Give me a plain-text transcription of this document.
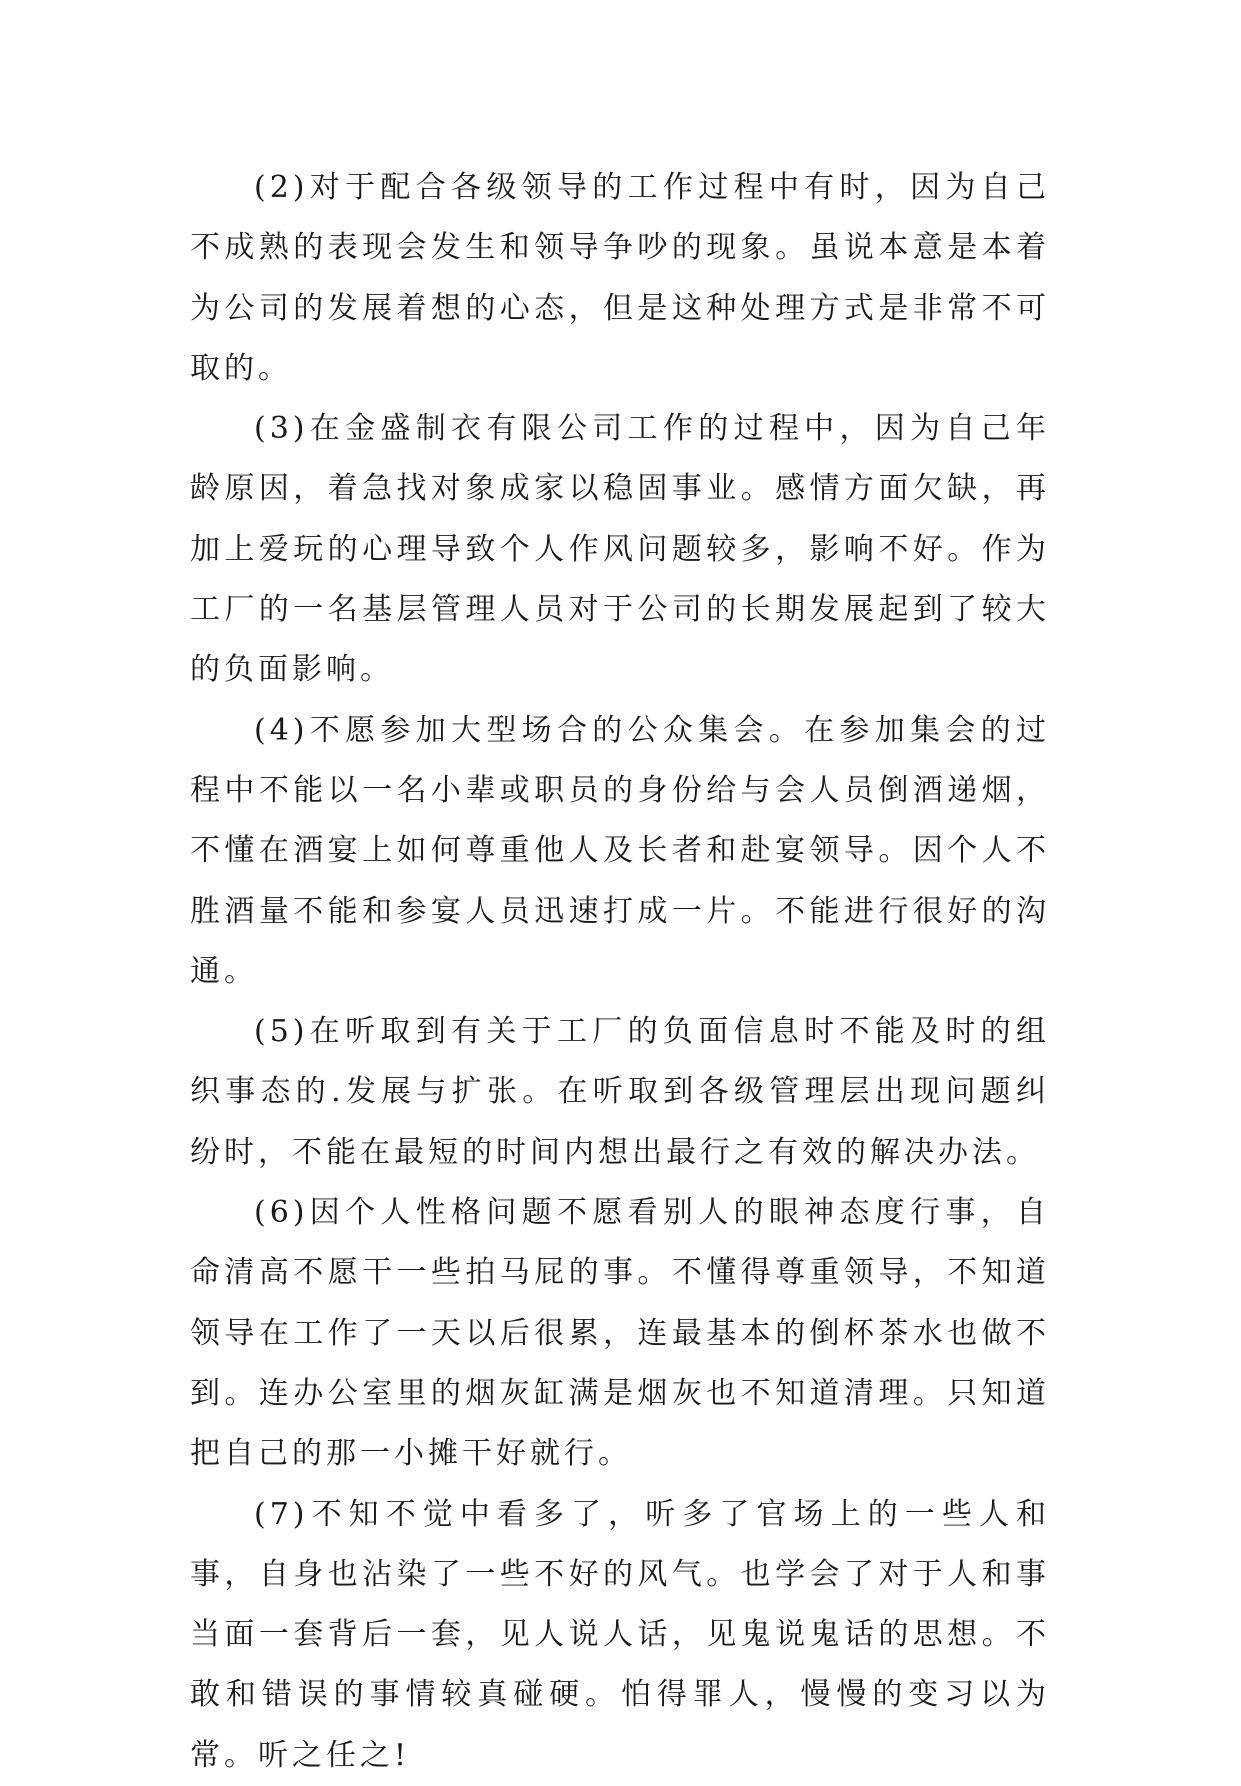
(2)对于配合各级领导的工作过程中有时，因为自己不成熟的表现会发生和领导争吵的现象。虽说本意是本着为公司的发展着想的心态，但是这种处理方式是非常不可取的。

(3)在金盛制衣有限公司工作的过程中，因为自己年龄原因，着急找对象成家以稳固事业。感情方面欠缺，再加上爱玩的心理导致个人作风问题较多，影响不好。作为工厂的一名基层管理人员对于公司的长期发展起到了较大的负面影响。

(4)不愿参加大型场合的公众集会。在参加集会的过程中不能以一名小辈或职员的身份给与会人员倒酒递烟，不懂在酒宴上如何尊重他人及长者和赴宴领导。因个人不胜酒量不能和参宴人员迅速打成一片。不能进行很好的沟通。

(5)在听取到有关于工厂的负面信息时不能及时的组织事态的.发展与扩张。在听取到各级管理层出现问题纠纷时，不能在最短的时间内想出最行之有效的解决办法。

(6)因个人性格问题不愿看别人的眼神态度行事，自命清高不愿干一些拍马屁的事。不懂得尊重领导，不知道领导在工作了一天以后很累，连最基本的倒杯茶水也做不到。连办公室里的烟灰缸满是烟灰也不知道清理。只知道把自己的那一小摊干好就行。

(7)不知不觉中看多了，听多了官场上的一些人和事，自身也沾染了一些不好的风气。也学会了对于人和事当面一套背后一套，见人说人话，见鬼说鬼话的思想。不敢和错误的事情较真碰硬。怕得罪人，慢慢的变习以为常。听之任之!
